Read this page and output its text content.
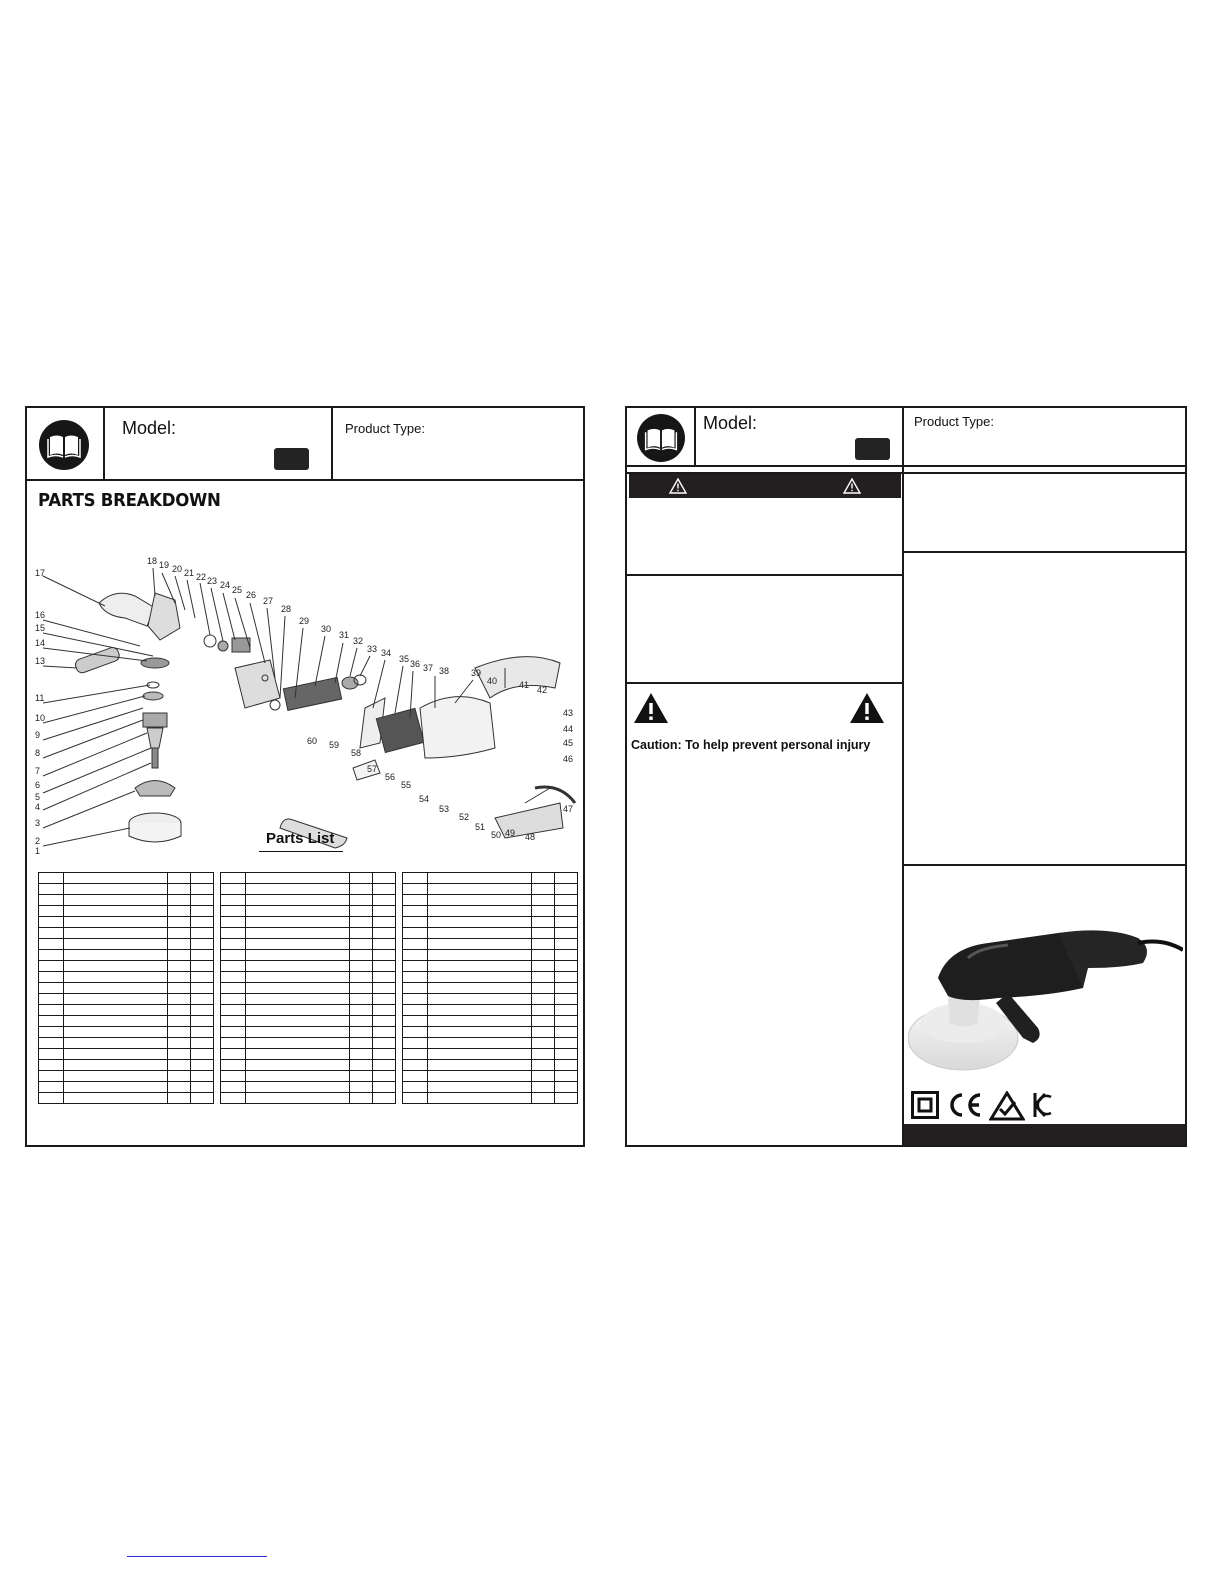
Model:	Product Type:
PARTS BREAKDOWN
17
16
15
14
13
11
10
9
8
7
6
5
4
3
2
1
18 19 20 21 22 23 24 25 26
27
28
29
30
31
32
33 34
35 36 37 38 39
40 41 42
43
44
45
46
47
48
49
50
51
52
53
54
55
56
57
58
59
60
Parts List

Model:	Product Type:
Caution: To help prevent personal injury
